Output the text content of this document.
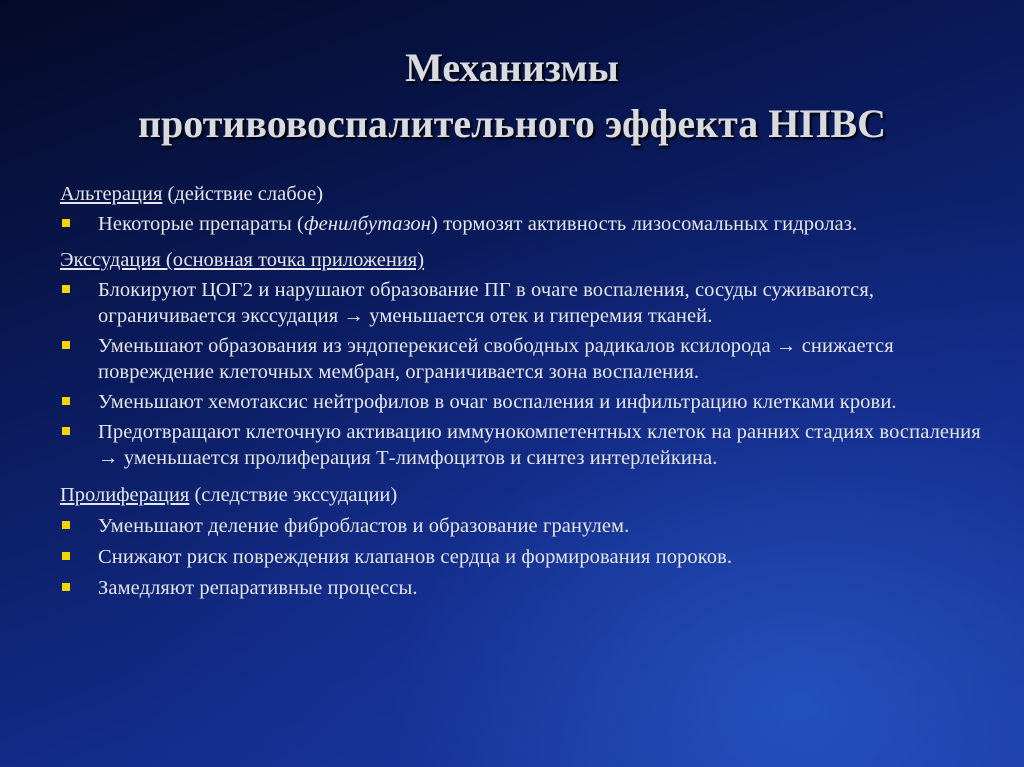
Механизмы
противовоспалительного эффекта НПВС
Альтерация (действие слабое)
Некоторые препараты (фенилбутазон) тормозят активность лизосомальных гидролаз.
Экссудация (основная точка приложения)
Блокируют ЦОГ2 и нарушают образование ПГ в очаге воспаления, сосуды суживаются, ограничивается экссудация → уменьшается отек и гиперемия тканей.
Уменьшают образования из эндоперекисей свободных радикалов ксилорода → снижается повреждение клеточных мембран, ограничивается зона воспаления.
Уменьшают хемотаксис нейтрофилов в очаг воспаления и инфильтрацию клетками крови.
Предотвращают клеточную активацию иммунокомпетентных клеток на ранних стадиях воспаления → уменьшается пролиферация Т-лимфоцитов и синтез интерлейкина.
Пролиферация (следствие экссудации)
Уменьшают деление фибробластов и образование гранулем.
Снижают риск повреждения клапанов сердца и формирования пороков.
Замедляют репаративные процессы.
